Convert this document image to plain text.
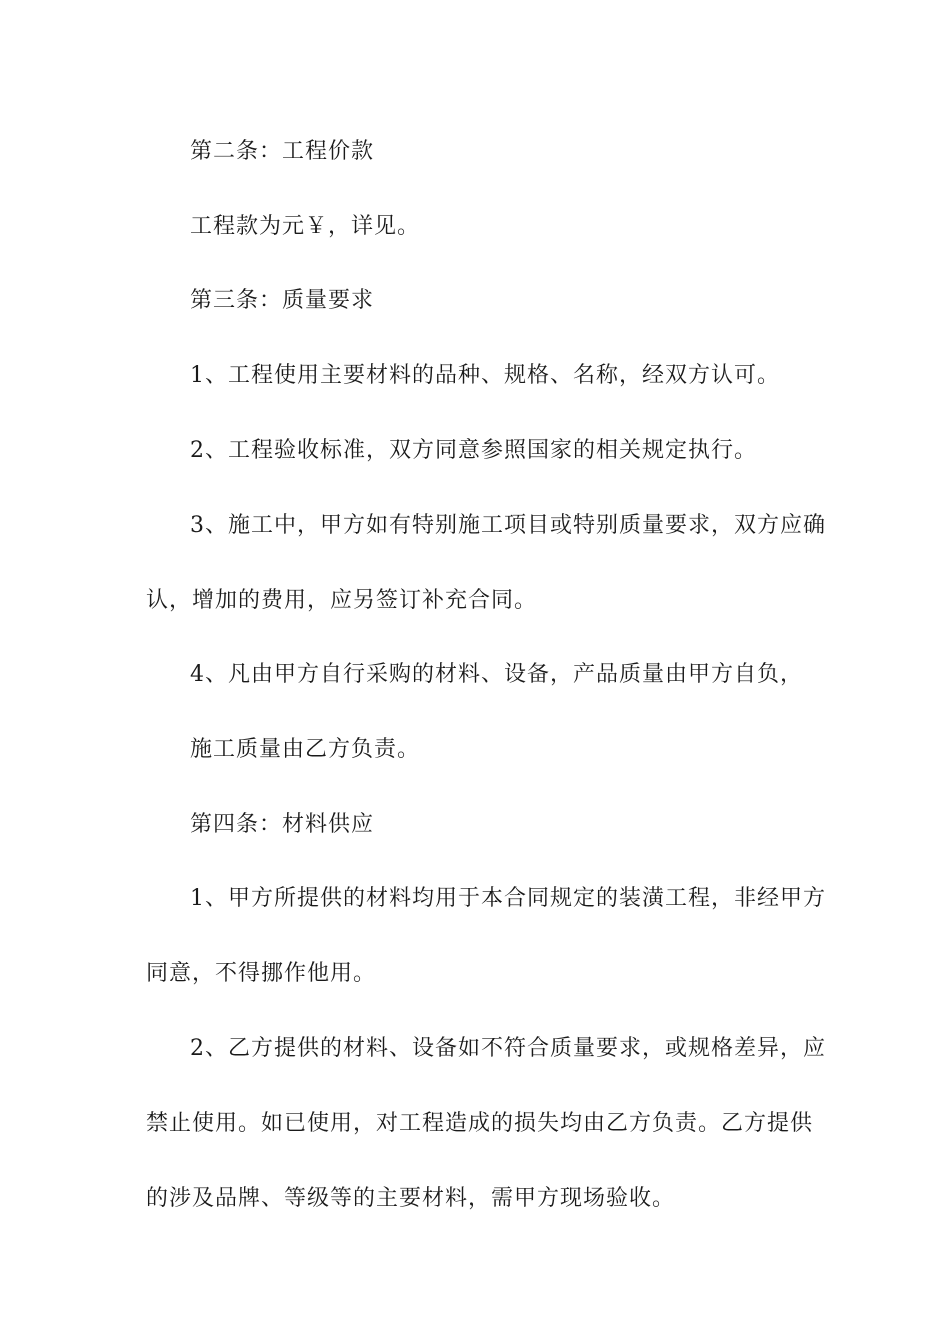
第二条：工程价款
工程款为元￥，详见。
第三条：质量要求
1、工程使用主要材料的品种、规格、名称，经双方认可。
2、工程验收标准，双方同意参照国家的相关规定执行。
3、施工中，甲方如有特别施工项目或特别质量要求，双方应确
认，增加的费用，应另签订补充合同。
4、凡由甲方自行采购的材料、设备，产品质量由甲方自负，
施工质量由乙方负责。
第四条：材料供应
1、甲方所提供的材料均用于本合同规定的装潢工程，非经甲方
同意，不得挪作他用。
2、乙方提供的材料、设备如不符合质量要求，或规格差异，应
禁止使用。如已使用，对工程造成的损失均由乙方负责。乙方提供
的涉及品牌、等级等的主要材料，需甲方现场验收。
